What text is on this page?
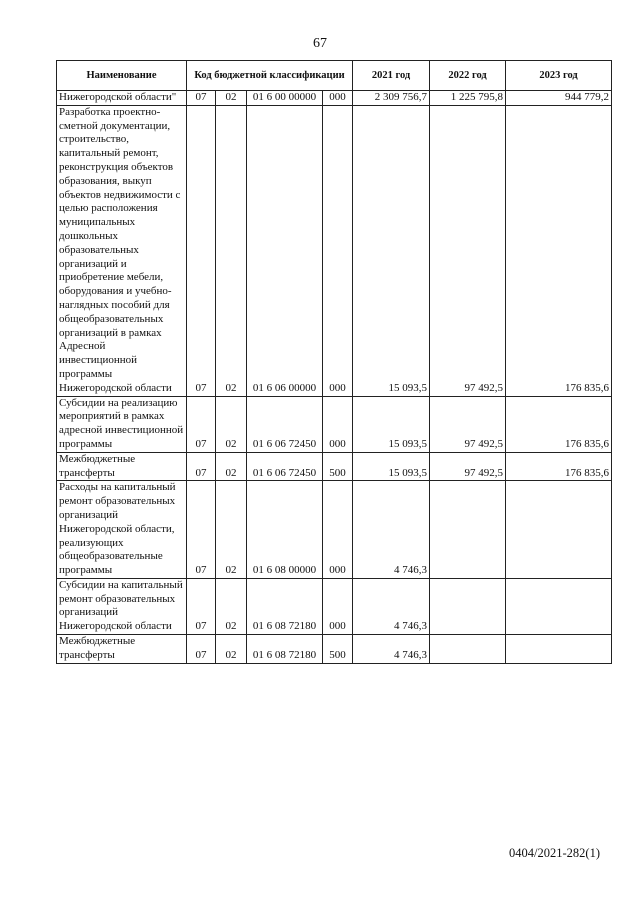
67
Наименование	Код бюджетной классификации				2021 год	2022 год	2023 год
Нижегородской области"	07	02	01 6 00 00000	000	2 309 756,7	1 225 795,8	944 779,2
Разработка проектно-сметной документации, строительство, капитальный ремонт, реконструкция объектов образования, выкуп объектов недвижимости с целью расположения муниципальных дошкольных образовательных организаций и приобретение мебели, оборудования и учебно-наглядных пособий для общеобразовательных организаций в рамках Адресной инвестиционной программы Нижегородской области	07	02	01 6 06 00000	000	15 093,5	97 492,5	176 835,6
Субсидии на реализацию мероприятий в рамках адресной инвестиционной программы	07	02	01 6 06 72450	000	15 093,5	97 492,5	176 835,6
Межбюджетные трансферты	07	02	01 6 06 72450	500	15 093,5	97 492,5	176 835,6
Расходы на капитальный ремонт образовательных организаций Нижегородской области, реализующих общеобразовательные программы	07	02	01 6 08 00000	000	4 746,3		
Субсидии на капитальный ремонт образовательных организаций Нижегородской области	07	02	01 6 08 72180	000	4 746,3		
Межбюджетные трансферты	07	02	01 6 08 72180	500	4 746,3		
0404/2021-282(1)
